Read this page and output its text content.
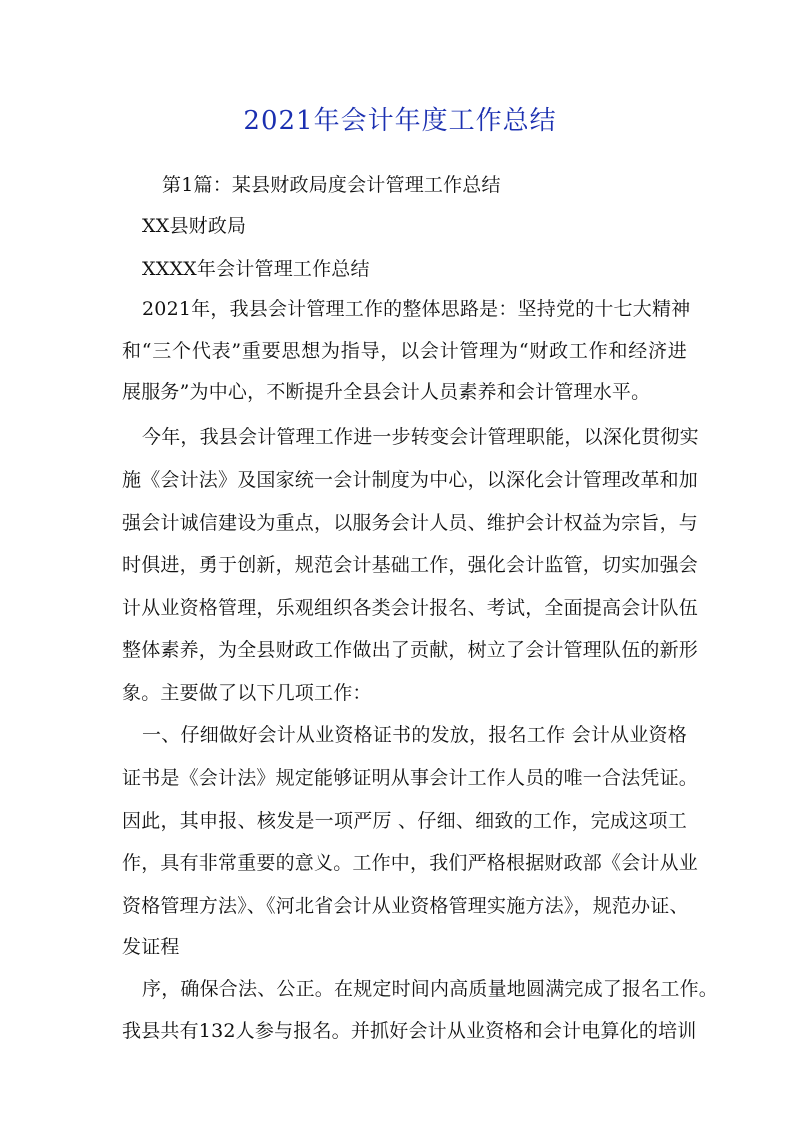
2021年会计年度工作总结

第1篇：某县财政局度会计管理工作总结

XX县财政局

XXXX年会计管理工作总结

2021年，我县会计管理工作的整体思路是：坚持党的十七大精神

和“三个代表”重要思想为指导，以会计管理为“财政工作和经济进

展服务”为中心，不断提升全县会计人员素养和会计管理水平。

今年，我县会计管理工作进一步转变会计管理职能，以深化贯彻实

施《会计法》及国家统一会计制度为中心，以深化会计管理改革和加

强会计诚信建设为重点，以服务会计人员、维护会计权益为宗旨，与

时俱进，勇于创新，规范会计基础工作，强化会计监管，切实加强会

计从业资格管理，乐观组织各类会计报名、考试，全面提高会计队伍

整体素养，为全县财政工作做出了贡献，树立了会计管理队伍的新形

象。主要做了以下几项工作：

一、仔细做好会计从业资格证书的发放，报名工作 会计从业资格

证书是《会计法》规定能够证明从事会计工作人员的唯一合法凭证。

因此，其申报、核发是一项严厉 、仔细、细致的工作，完成这项工

作，具有非常重要的意义。工作中，我们严格根据财政部《会计从业

资格管理方法》、《河北省会计从业资格管理实施方法》，规范办证、

发证程

序，确保合法、公正。在规定时间内高质量地圆满完成了报名工作。

我县共有132人参与报名。并抓好会计从业资格和会计电算化的培训
